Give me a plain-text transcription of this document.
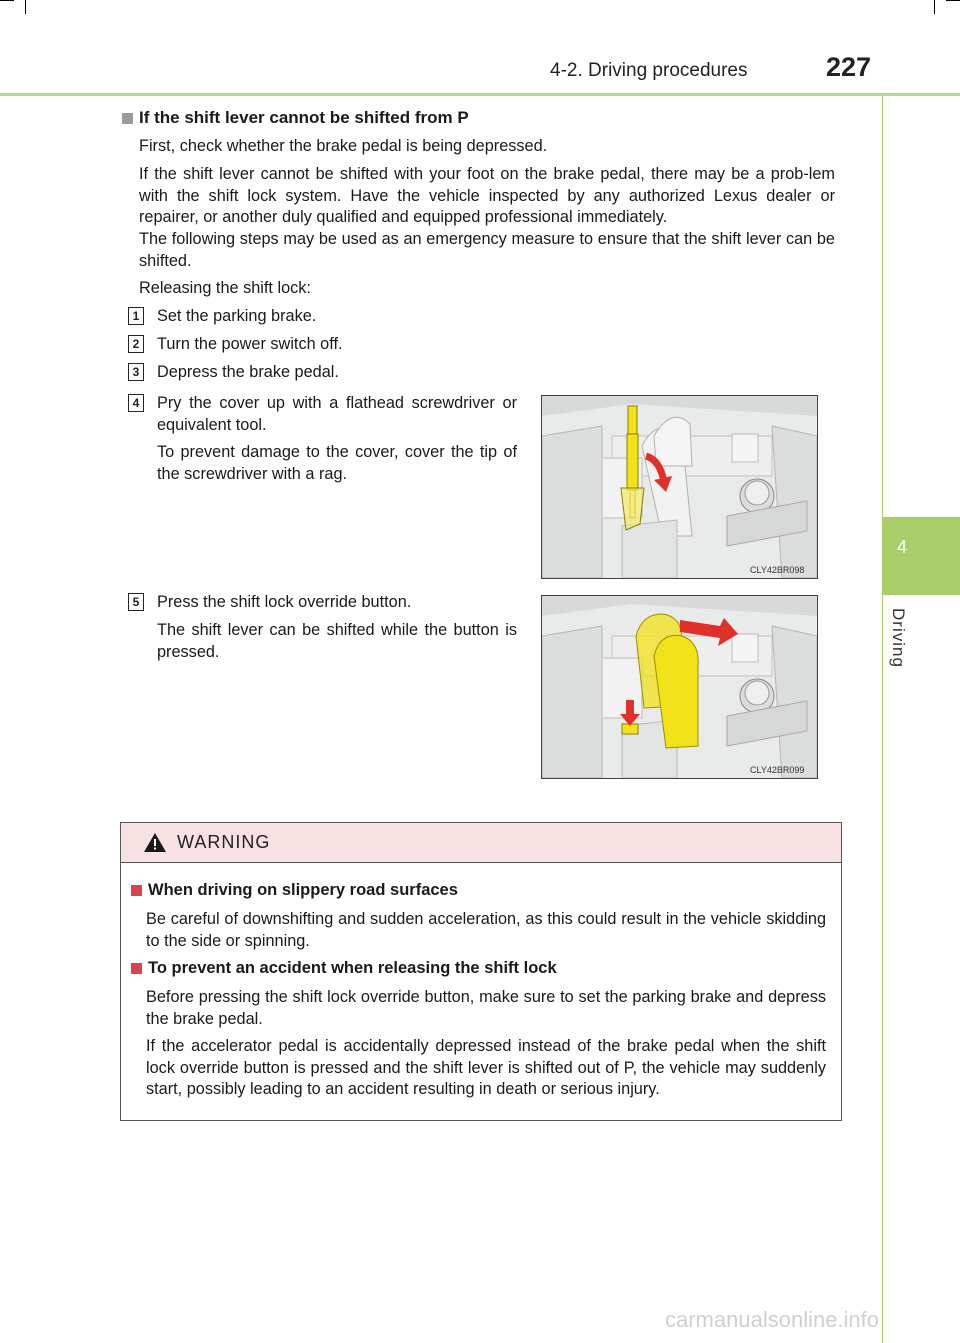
4-2. Driving procedures	227
4
Driving
If the shift lever cannot be shifted from P

First, check whether the brake pedal is being depressed.

If the shift lever cannot be shifted with your foot on the brake pedal, there may be a prob-lem with the shift lock system. Have the vehicle inspected by any authorized Lexus dealer or repairer, or another duly qualified and equipped professional immediately.

The following steps may be used as an emergency measure to ensure that the shift lever can be shifted.

Releasing the shift lock:

1 Set the parking brake.
2 Turn the power switch off.
3 Depress the brake pedal.
4 Pry the cover up with a flathead screwdriver or equivalent tool.
To prevent damage to the cover, cover the tip of the screwdriver with a rag.
5 Press the shift lock override button.
The shift lever can be shifted while the button is pressed.
CLY42BR098
CLY42BR099
WARNING
When driving on slippery road surfaces

Be careful of downshifting and sudden acceleration, as this could result in the vehicle skidding to the side or spinning.

To prevent an accident when releasing the shift lock

Before pressing the shift lock override button, make sure to set the parking brake and depress the brake pedal.

If the accelerator pedal is accidentally depressed instead of the brake pedal when the shift lock override button is pressed and the shift lever is shifted out of P, the vehicle may suddenly start, possibly leading to an accident resulting in death or serious injury.

carmanualsonline.info
